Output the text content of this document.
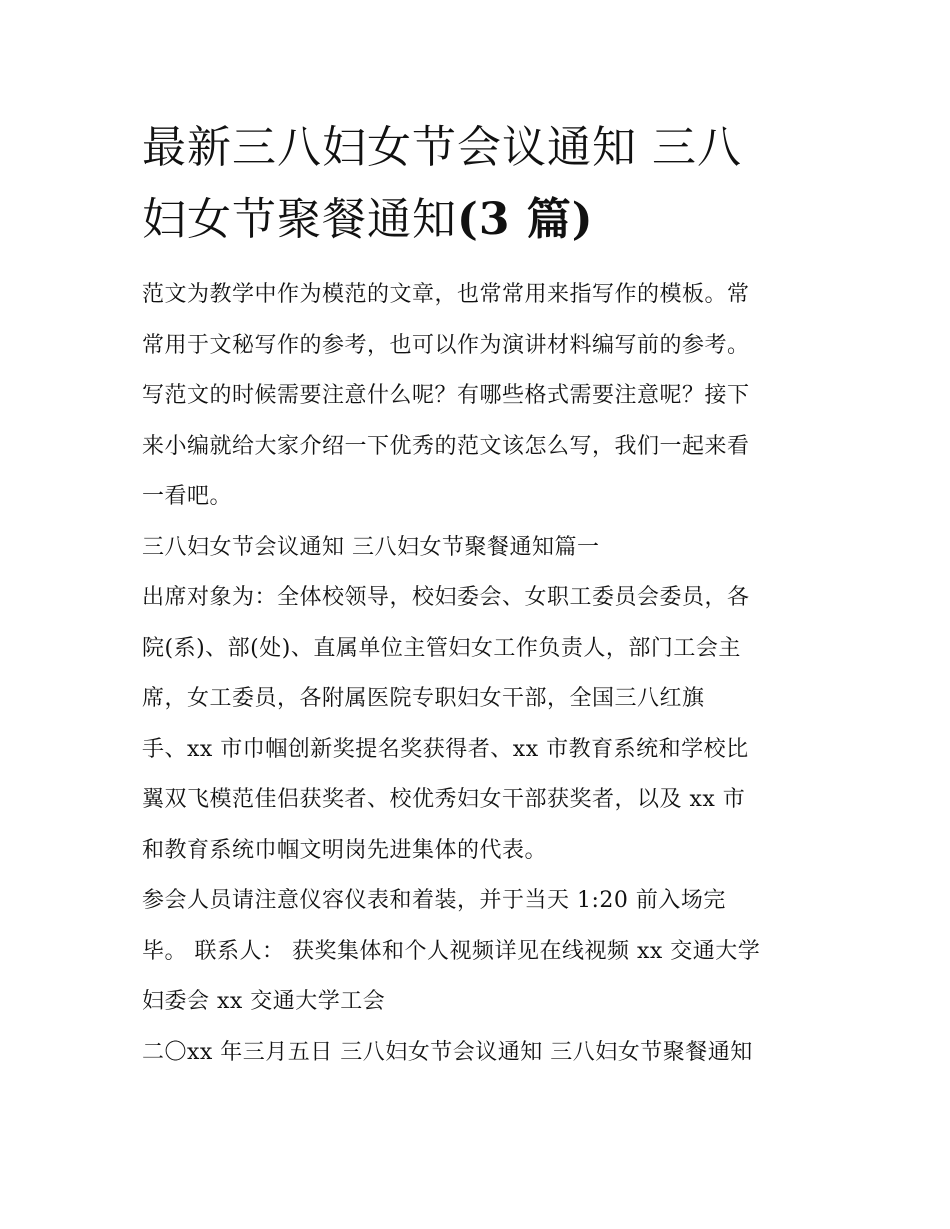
最新三八妇女节会议通知 三八
妇女节聚餐通知(3 篇)

范文为教学中作为模范的文章，也常常用来指写作的模板。常
常用于文秘写作的参考，也可以作为演讲材料编写前的参考。
写范文的时候需要注意什么呢？有哪些格式需要注意呢？接下
来小编就给大家介绍一下优秀的范文该怎么写，我们一起来看
一看吧。

三八妇女节会议通知 三八妇女节聚餐通知篇一

出席对象为：全体校领导，校妇委会、女职工委员会委员，各
院(系)、部(处)、直属单位主管妇女工作负责人，部门工会主
席，女工委员，各附属医院专职妇女干部，全国三八红旗
手、xx 市巾帼创新奖提名奖获得者、xx 市教育系统和学校比
翼双飞模范佳侣获奖者、校优秀妇女干部获奖者，以及 xx 市
和教育系统巾帼文明岗先进集体的代表。

参会人员请注意仪容仪表和着装，并于当天 1:20 前入场完
毕。 联系人： 获奖集体和个人视频详见在线视频 xx 交通大学
妇委会 xx 交通大学工会

二〇xx 年三月五日 三八妇女节会议通知 三八妇女节聚餐通知
